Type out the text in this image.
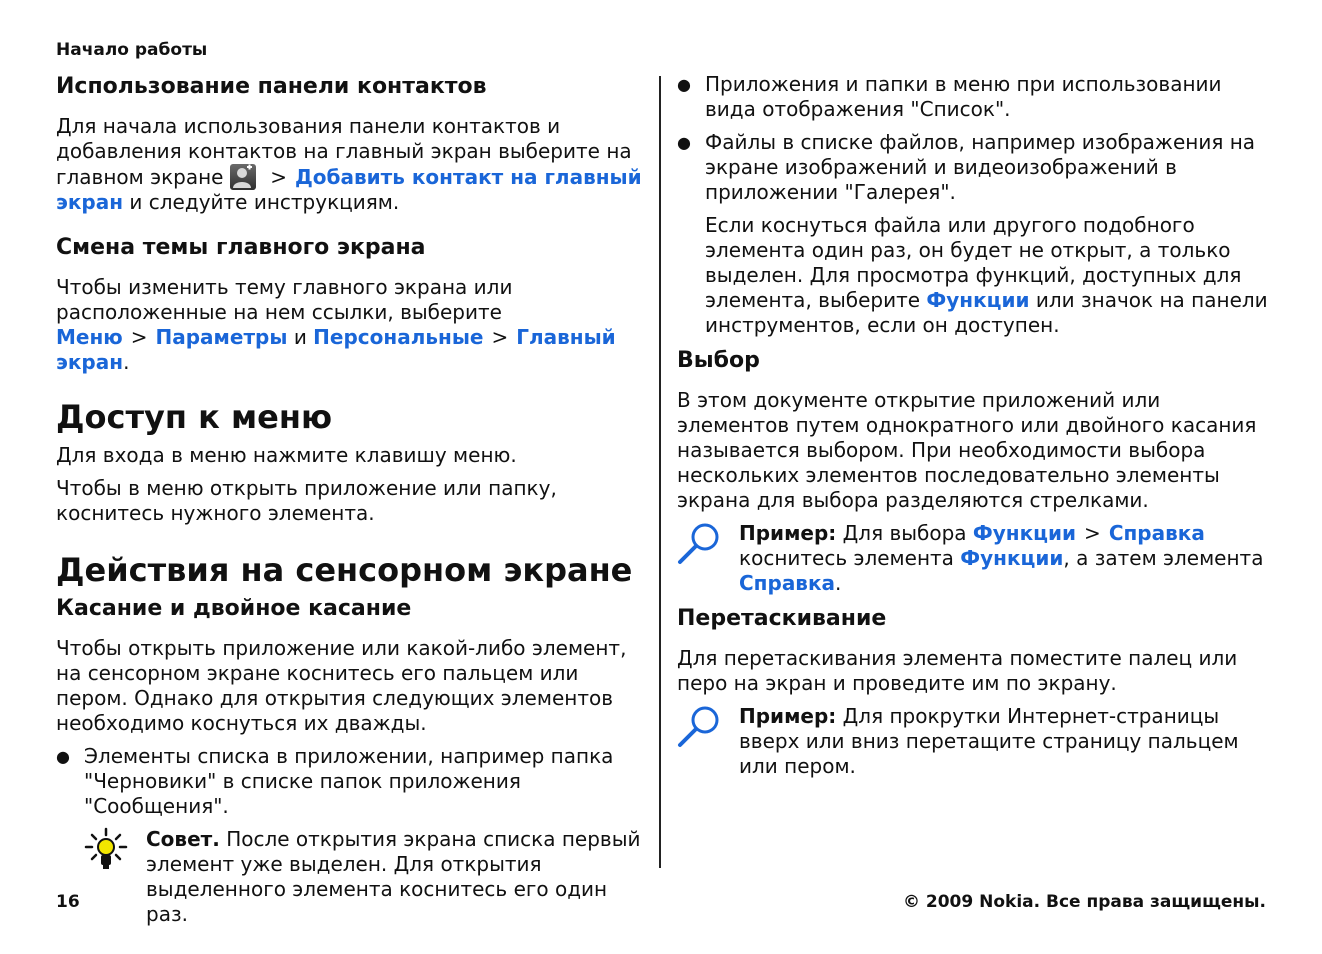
Начало работы
Использование панели контактов

Для начала использования панели контактов и добавления контактов на главный экран выберите на главном экране > Добавить контакт на главный экран и следуйте инструкциям.

Смена темы главного экрана

Чтобы изменить тему главного экрана или расположенные на нем ссылки, выберите Меню > Параметры и Персональные > Главный экран.

Доступ к меню

Для входа в меню нажмите клавишу меню.

Чтобы в меню открыть приложение или папку, коснитесь нужного элемента.

Действия на сенсорном экране
Касание и двойное касание

Чтобы открыть приложение или какой-либо элемент, на сенсорном экране коснитесь его пальцем или пером. Однако для открытия следующих элементов необходимо коснуться их дважды.

● Элементы списка в приложении, например папка "Черновики" в списке папок приложения "Сообщения".
Совет. После открытия экрана списка первый элемент уже выделен. Для открытия выделенного элемента коснитесь его один раз.
● Приложения и папки в меню при использовании вида отображения "Список".
● Файлы в списке файлов, например изображения на экране изображений и видеоизображений в приложении "Галерея".

Если коснуться файла или другого подобного элемента один раз, он будет не открыт, а только выделен. Для просмотра функций, доступных для элемента, выберите Функции или значок на панели инструментов, если он доступен.

Выбор

В этом документе открытие приложений или элементов путем однократного или двойного касания называется выбором. При необходимости выбора нескольких элементов последовательно элементы экрана для выбора разделяются стрелками.

Пример: Для выбора Функции > Справка коснитесь элемента Функции, а затем элемента Справка.
Перетаскивание

Для перетаскивания элемента поместите палец или перо на экран и проведите им по экрану.

Пример: Для прокрутки Интернет-страницы вверх или вниз перетащите страницу пальцем или пером.
16	© 2009 Nokia. Все права защищены.
